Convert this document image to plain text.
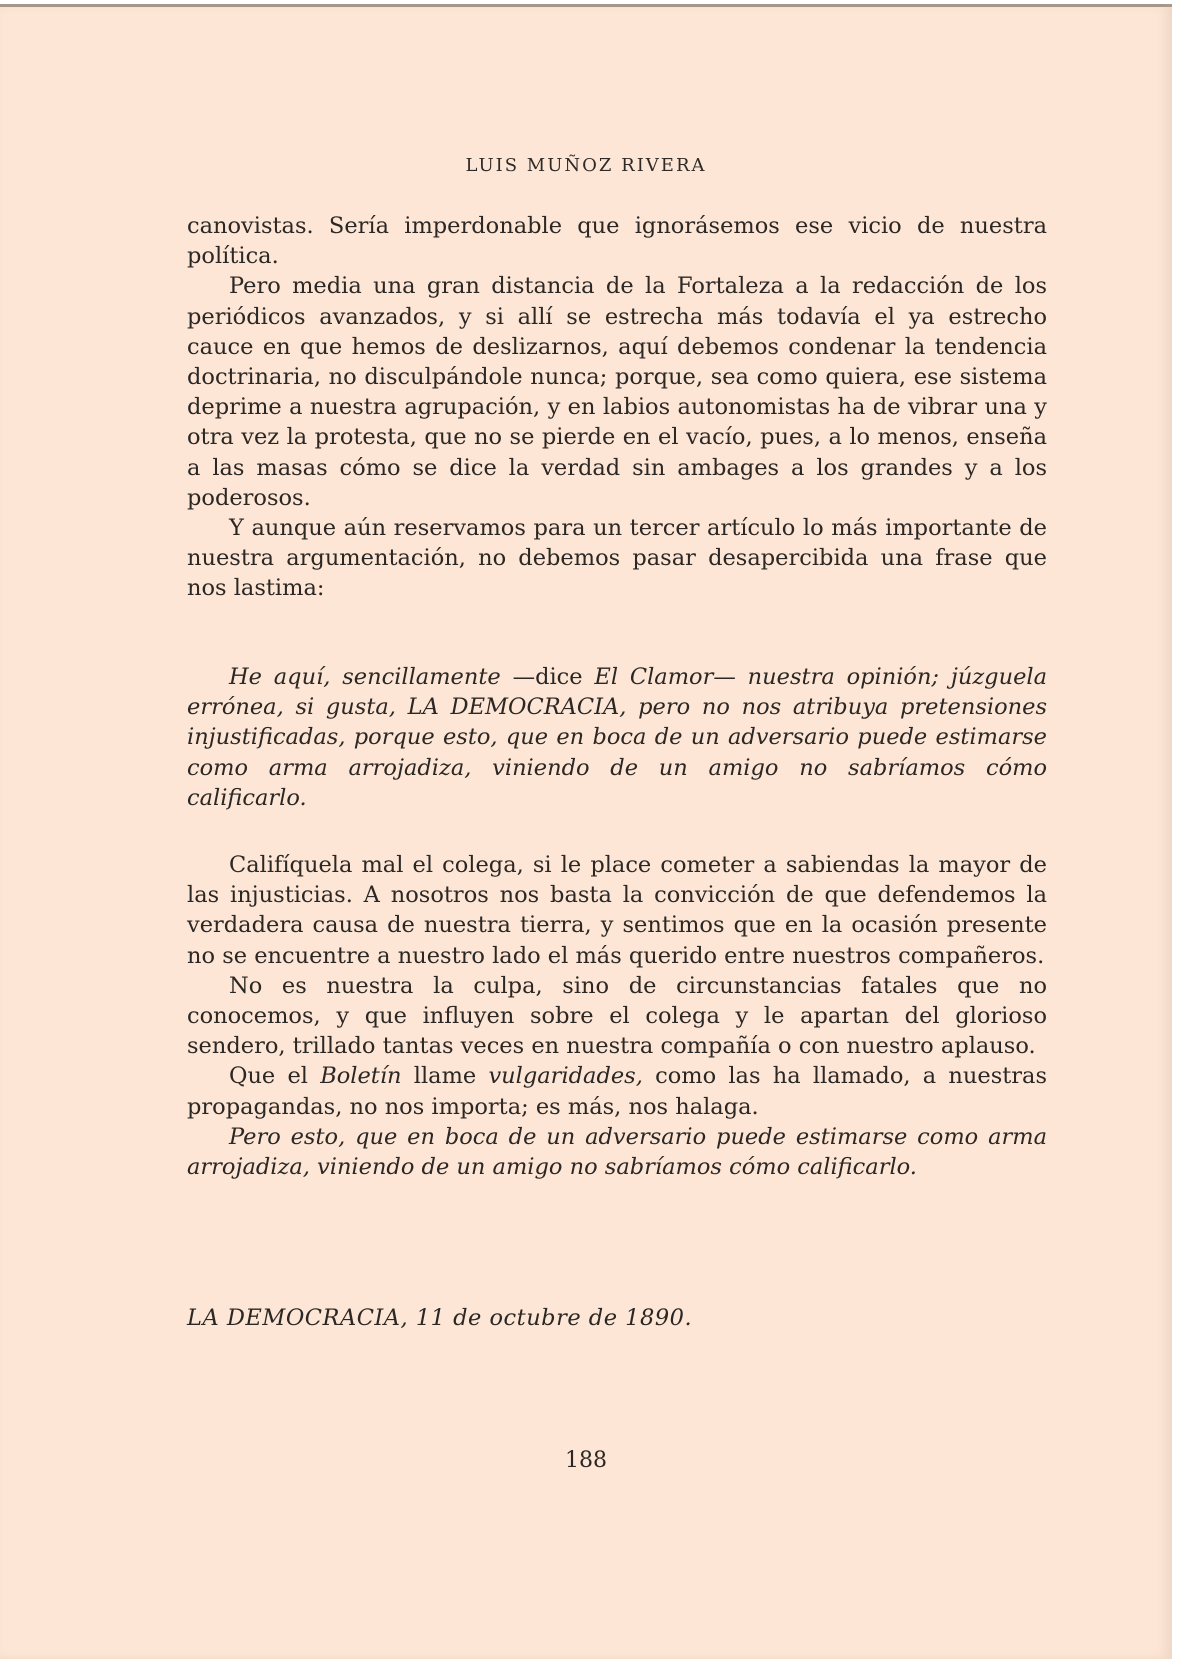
LUIS MUÑOZ RIVERA

canovistas. Sería imperdonable que ignorásemos ese vicio de nuestra política.

Pero media una gran distancia de la Fortaleza a la redacción de los periódicos avanzados, y si allí se estrecha más todavía el ya estrecho cauce en que hemos de deslizarnos, aquí debemos condenar la tendencia doctrinaria, no disculpándole nunca; porque, sea como quiera, ese sistema deprime a nuestra agrupación, y en labios autonomistas ha de vibrar una y otra vez la protesta, que no se pierde en el vacío, pues, a lo menos, enseña a las masas cómo se dice la verdad sin ambages a los grandes y a los poderosos.

Y aunque aún reservamos para un tercer artículo lo más importante de nuestra argumentación, no debemos pasar desapercibida una frase que nos lastima:

He aquí, sencillamente —dice El Clamor— nuestra opinión; júzguela errónea, si gusta, LA DEMOCRACIA, pero no nos atribuya pretensiones injustificadas, porque esto, que en boca de un adversario puede estimarse como arma arrojadiza, viniendo de un amigo no sabríamos cómo calificarlo.

Califíquela mal el colega, si le place cometer a sabiendas la mayor de las injusticias. A nosotros nos basta la convicción de que defendemos la verdadera causa de nuestra tierra, y sentimos que en la ocasión presente no se encuentre a nuestro lado el más querido entre nuestros compañeros.

No es nuestra la culpa, sino de circunstancias fatales que no conocemos, y que influyen sobre el colega y le apartan del glorioso sendero, trillado tantas veces en nuestra compañía o con nuestro aplauso.

Que el Boletín llame vulgaridades, como las ha llamado, a nuestras propagandas, no nos importa; es más, nos halaga.

Pero esto, que en boca de un adversario puede estimarse como arma arrojadiza, viniendo de un amigo no sabríamos cómo calificarlo.

LA DEMOCRACIA, 11 de octubre de 1890.
188
